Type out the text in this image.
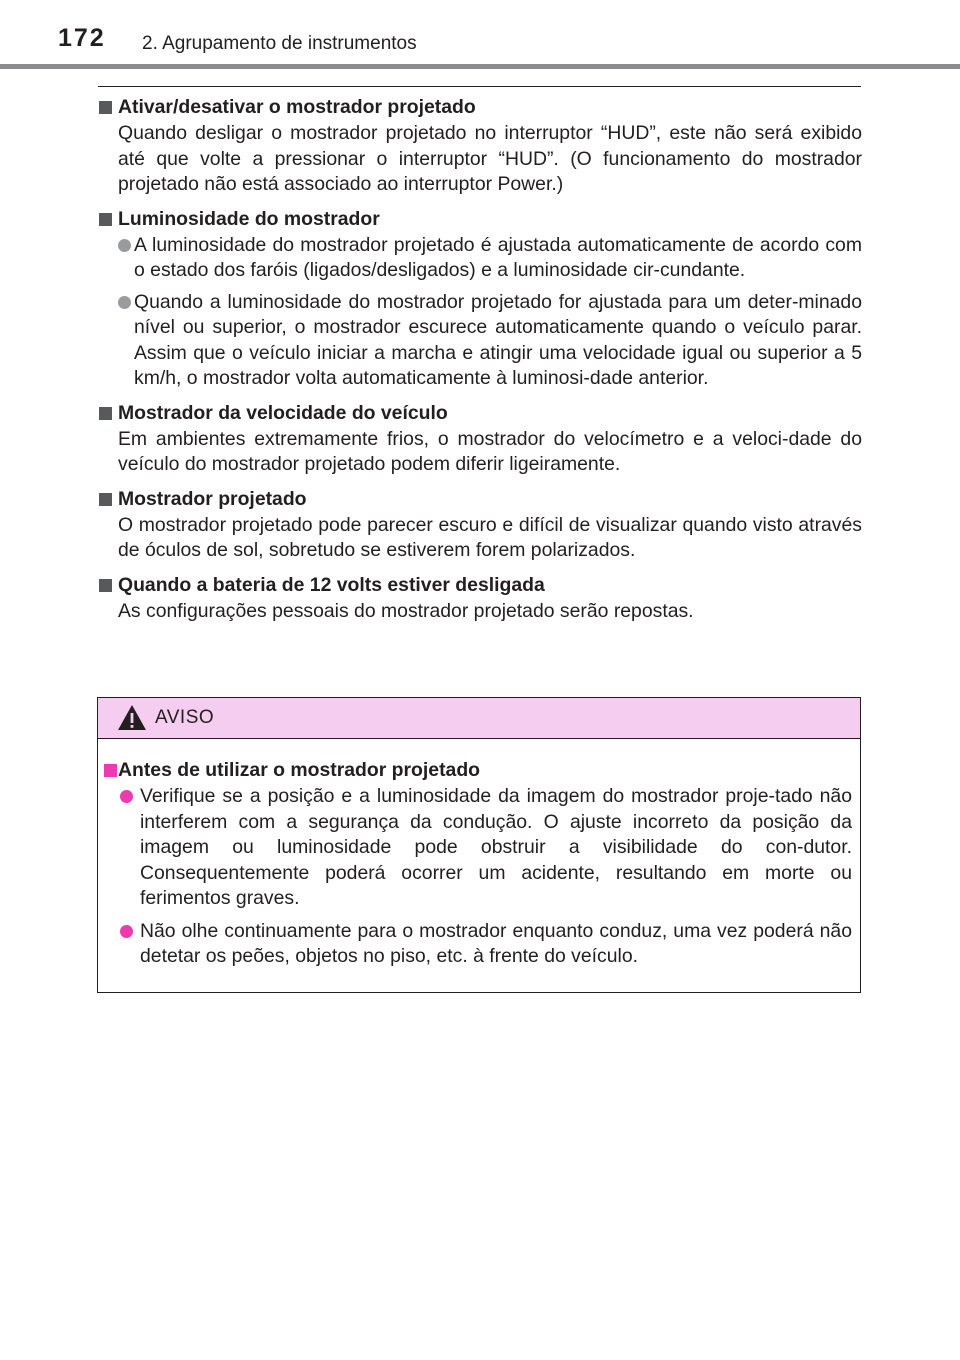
172 2. Agrupamento de instrumentos
Ativar/desativar o mostrador projetado
Quando desligar o mostrador projetado no interruptor “HUD”, este não será exibido até que volte a pressionar o interruptor “HUD”. (O funcionamento do mostrador projetado não está associado ao interruptor Power.)
Luminosidade do mostrador
A luminosidade do mostrador projetado é ajustada automaticamente de acordo com o estado dos faróis (ligados/desligados) e a luminosidade cir-cundante.
Quando a luminosidade do mostrador projetado for ajustada para um deter-minado nível ou superior, o mostrador escurece automaticamente quando o veículo parar. Assim que o veículo iniciar a marcha e atingir uma velocidade igual ou superior a 5 km/h, o mostrador volta automaticamente à luminosi-dade anterior.
Mostrador da velocidade do veículo
Em ambientes extremamente frios, o mostrador do velocímetro e a veloci-dade do veículo do mostrador projetado podem diferir ligeiramente.
Mostrador projetado
O mostrador projetado pode parecer escuro e difícil de visualizar quando visto através de óculos de sol, sobretudo se estiverem forem polarizados.
Quando a bateria de 12 volts estiver desligada
As configurações pessoais do mostrador projetado serão repostas.
AVISO
Antes de utilizar o mostrador projetado
Verifique se a posição e a luminosidade da imagem do mostrador proje-tado não interferem com a segurança da condução. O ajuste incorreto da posição da imagem ou luminosidade pode obstruir a visibilidade do con-dutor. Consequentemente poderá ocorrer um acidente, resultando em morte ou ferimentos graves.
Não olhe continuamente para o mostrador enquanto conduz, uma vez poderá não detetar os peões, objetos no piso, etc. à frente do veículo.
